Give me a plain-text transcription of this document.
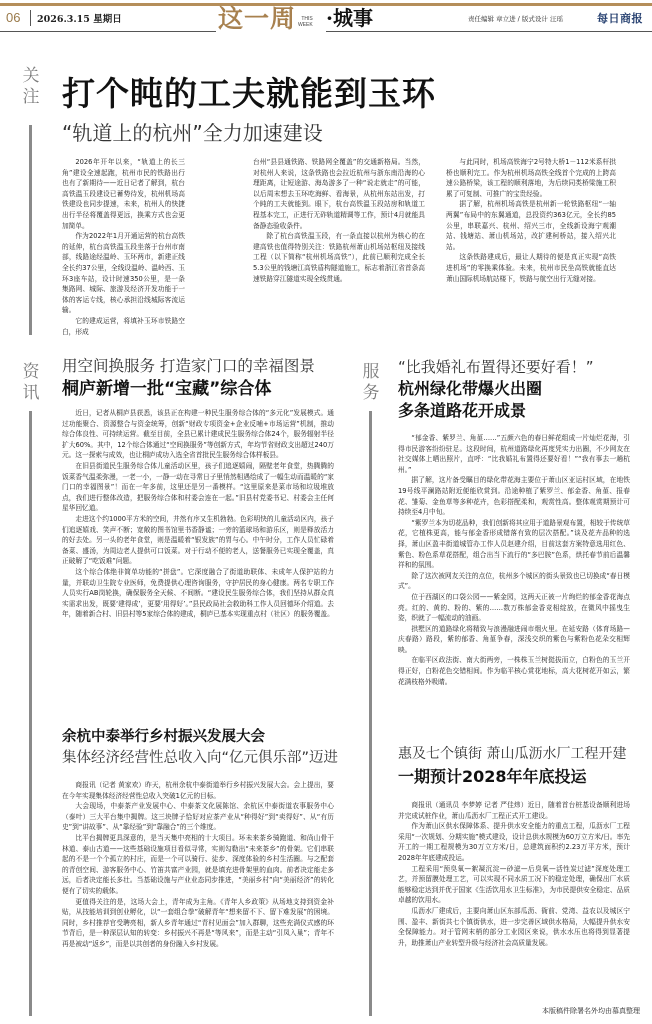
06 2026.3.15 星期日	这一周	THIS
WEEK ·城事	责任编辑 章立进 / 版式设计 汪瑶	每日商报
关
注 打个盹的工夫就能到玉环
“轨道上的杭州”全力加速建设

2026年开年以来，“轨道上的长三角”建设全速起跑，杭州市民的铁路出行也有了新期待——近日记者了解到，杭台高铁温玉段建设已蓄势待发，杭州机场高铁建设也同步提速，未来，杭州人的快捷出行半径将覆盖得更远，换乘方式也会更加简单。

作为2022年1月开通运营的杭台高铁的延伸，杭台高铁温玉段坐落于台州市南部，线路途经温岭、玉环两市，新建正线全长约37公里，全线设温岭、温岭西、玉环3座车站，设计时速350公里，是一条集路网、城际、旅游及经济开发功能于一体的客运专线，核心承担沿线城际客流运输。

它的建成运营，将填补玉环市铁路空白，形成

台州“县县通铁路、铁路网全覆盖”的交通新格局。当然，对杭州人来说，这条铁路也会拉近杭州与浙东南沿海的心理距离，让短途游、海岛游多了一种“说走就走”的可能，以后周末想去玉环吃海鲜、看海景，从杭州东站出发，打个盹的工夫就能到。眼下，杭台高铁温玉段站房和轨道工程基本完工，正进行无砟轨道精调等工作，预计4月就能具备静态验收条件。

除了杭台高铁温玉段，有一条直接以杭州为核心的在建高铁也值得特别关注：铁路杭州萧山机场站枢纽及接线工程（以下简称“杭州机场高铁”），此前已顺利完成全长5.3公里的钱塘江高铁盾构隧道施工，标志着浙江省首条高速铁路穿江隧道实现全线贯通。

与此同时，机场高铁海宁2号特大桥1－112米系杆拱桥也顺利完工。作为杭州机场高铁全线首个完成的上跨高速公路桥梁，该工程的顺利落地，为后续同类桥梁施工积累了可复制、可推广的宝贵经验。

据了解，杭州机场高铁是杭州新一轮铁路枢纽“一轴两翼”布局中的东翼通道，总投资约363亿元，全长约85公里，串联嘉兴、杭州、绍兴三市，全线新设海宁观潮站、钱塘站、萧山机场站，改扩建柯桥站，接入绍兴北站。

这条铁路建成后，最让人期待的便是真正实现“高铁进机场”的零换乘体验。未来，杭州市民坐高铁就能直达萧山国际机场航站楼下，铁路与航空出行无缝对接。

资
讯
用空间换服务 打造家门口的幸福图景
桐庐新增一批“宝藏”综合体

近日，记者从桐庐县获悉，该县正在构建一种民生服务综合体的“多元化”发展模式。通过功能聚合、资源整合与资金统筹，创新“财政专项资金+企业反哺+市场运营”机制，推动综合体良性、可持续运营。截至目前，全县已累计建成民生服务综合体24个，服务辐射半径扩大60%。其中，12个综合体通过“空间换服务”等创新方式，年均节省财政支出超过240万元。这一探索与成效，也让桐庐成功入选全省首批民生服务综合体样板县。

在旧县街道民生服务综合体儿童活动区里，孩子们追逐嬉闹，隔壁老年食堂，热腾腾的饭菜香气温柔弥漫，一老一小，一静一动在寻常日子里悄然相遇绘成了一幅生动而温暖的“家门口的幸福图景”！而在一年多前，这里还是另一番模样。“这里原来是菜市场和垃圾堆放点，我们进行整体改造，把服务综合体和村委会连在一起。”旧县村党委书记、村委会主任何星华回忆道。

走进这个约1000平方米的空间，井然有序又生机勃勃。色彩明快的儿童活动区内，孩子们追逐嬉戏、笑声不断；宽敞的图书馆里书香静谧；一旁的篮球场和游乐区，则是释放活力的好去处。另一头的老年食堂，则是温暖着“银发族”的胃与心。中午时分，工作人员忙碌着备菜、盛汤，为周边老人提供可口饭菜。对于行动不便的老人，送餐服务已实现全覆盖，真正破解了“吃饭难”问题。

这个综合体绝非简单功能的“拼盘”。它深度融合了街道助联体、未成年人保护站的力量，并联动卫生院专业医师，免费提供心理咨询服务，守护居民的身心健康。两名专职工作人员实行AB岗轮换，确保服务全天候、不间断。“建设民生服务综合体，我们坚持从群众真实需求出发，既要‘建得成’，更要‘用得好’。”县民政局社会救助科工作人员回德环介绍道。去年，随着新合村、旧县村等5家综合体的建成，桐庐已基本实现重点村（社区）的服务覆盖。

余杭中泰举行乡村振兴发展大会
集体经济经营性总收入向“亿元俱乐部”迈进

商报讯（记者 黄家欢）昨天，杭州余杭中泰街道举行乡村振兴发展大会。会上提出，要在今年实现集体经济经营性总收入突破1亿元的目标。

大会现场，中泰茶产业发展中心、中泰茶文化展陈馆、余杭区中泰街道农事服务中心（泰叶）三大平台集中揭牌。这三块牌子恰好对应茶产业从“种得好”到“卖得好”、从“有历史”到“讲故事”、从“靠经验”到“靠融合”的三个维度。

比平台揭牌更具深意的，是当天集中亮相的十大项目。环未来茶乡骑跑道、和尚山骨干林道、泰山古道——这些基础设施项目看似寻常，实则勾勒出“未来茶乡”的骨架。它们串联起的不是一个个孤立的村庄，而是一个可以骑行、徒步、深度体验的乡村生活圈。与之配套的青创空间、游客服务中心、竹笛共富产业园，就是填充进骨架里的血肉。前者决定能走多远，后者决定能长多壮。当基础设施与产业业态同步推进，“美丽乡村”向“美丽经济”的转化便有了切实的载体。

更值得关注的是，这场大会上，青年成为主角。《青年人乡政策》从场地支持到资金补贴，从技能培训到创业孵化，以“一套组合拳”破解青年“想来留不下、留下难发展”的困境。同时，乡村推荐官受聘亮相，新人乡青年通过“青村见面会”加入群聊，这些充满仪式感的环节背后，是一种深层认知的转变：乡村振兴不再是“等风来”，而是主动“引凤入巢”；青年不再是被动“返乡”，而是以共创者的身份融入乡村发展。

服
务
“比我婚礼布置得还要好看！”
杭州绿化带爆火出圈
多条道路花开成景

“郁金香、紫罗兰、角堇……”五颜六色的春日鲜花组成一片灿烂花海，引得市民游客纷纷驻足。这段时间，杭州道路绿化再度凭实力出圈，不少网友在社交媒体上晒出照片，直呼：“比我婚礼布置得还要好看！”“我有事去一趟杭州。”

据了解，这片备受瞩目的绿化带花海主要位于萧山区亚运村区域，在地铁19号线平澜路站附近便能欣赏到。沿途种植了紫罗兰、郁金香、角堇、报春花、雏菊、金鱼草等多种花卉，色彩搭配柔和，观赏性高。整体观赏期预计可持续至4月中旬。

“紫罗兰本为切花品种，我们创新将其应用于道路景观布置，相较于传统草花，它植株更高，能与郁金香形成错落有致的层次搭配。”谈及花卉品种的选择，萧山区盈丰街道城管办工作人员赵建介绍，目前这套方案特意选用红色、紫色、粉色系草花搭配，组合出当下流行的“多巴胺”色系，烘托春节前后温馨祥和的氛围。

除了这次被网友关注的点位，杭州多个城区的街头景致也已切换成“春日模式”。

位于西湖区的口袋公园——紫金园，这两天正被一片绚烂的郁金香花海点亮。红的、黄的、粉的、紫的……数万株郁金香竞相绽放，在微风中摇曳生姿，织就了一幅流动的油画。

拱墅区的道路绿化将精致与浪漫融进闹市烟火里。在延安路（体育场路—庆春路）路段，紫的郁香、角堇争春，深浅交织的紫色与紫粉色花朵交相辉映。

在临平区政法街、南大街两旁，一株株玉兰树挺拔而立，白粉色的玉兰开得正好，白粉花色交错相间。作为临平核心赏花地标，高大花树花开如云，繁花满枝格外吸睛。

惠及七个镇街 萧山瓜沥水厂工程开建
一期预计2028年年底投运

商报讯（通讯员 李梦婷 记者 严佳炜）近日，随着首台桩基设备顺利进场并完成试桩作业，萧山瓜沥水厂工程正式开工建设。

作为萧山区供水保障体系、提升供水安全能力的重点工程，瓜沥水厂工程采用“一次规划、分期实施”模式建设，设计总供水规模为60万立方米/日。率先开工的一期工程规模为30万立方米/日，总建筑面积约2.23万平方米，预计2028年年底建成投运。

工程采用“预臭氧—絮凝沉淀—砂滤—后臭氧—活性炭过滤”深度处理工艺，并预留膜处理工艺，可以实现不同水质工况下的稳定处理，确保出厂水质能够稳定达到并优于国家《生活饮用水卫生标准》，为市民提供安全稳定、品质卓越的饮用水。

瓜沥水厂建成后，主要向萧山区东部瓜沥、衙前、党湾、益农以及城区宁围、盈丰、新街共七个镇街供水，进一步完善区域供水格局，大幅提升供水安全保障能力。对于管网末梢的部分工业园区来说，供水水压也将得到显著提升，助推萧山产业转型升级与经济社会高质量发展。

本版稿件除署名外均由慕真整理
